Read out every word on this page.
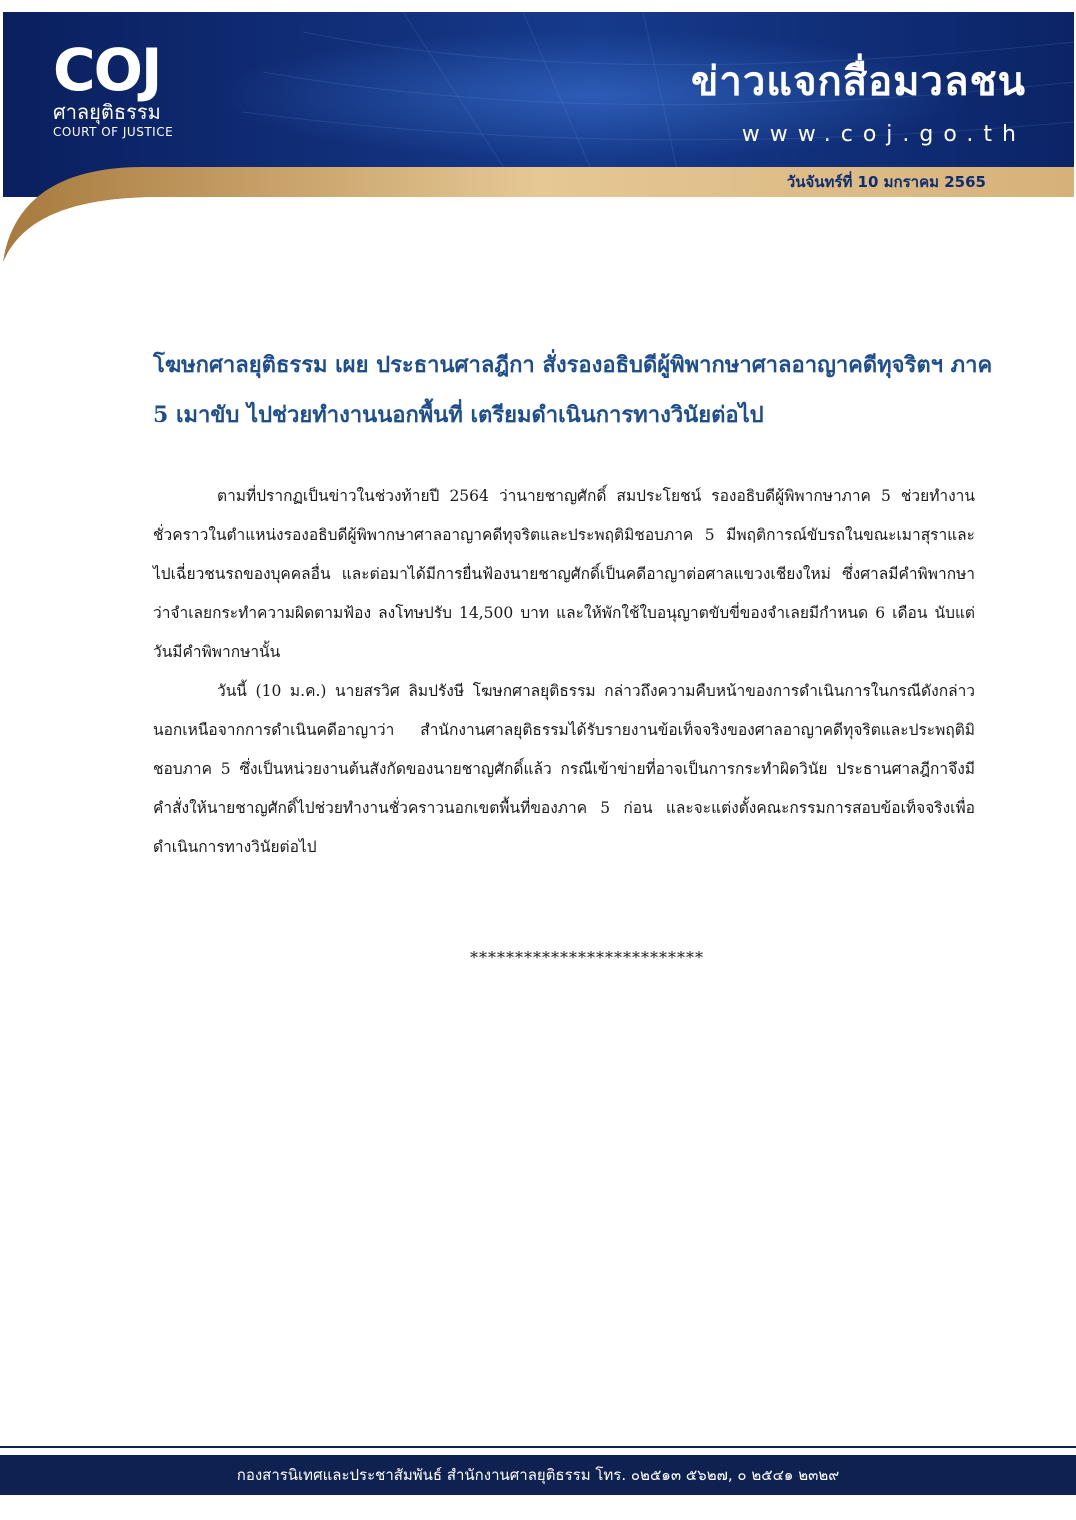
COJ
ศาลยุติธรรม
COURT OF JUSTICE
ข่าวแจกสื่อมวลชน
www.coj.go.th
วันจันทร์ที่ 10 มกราคม 2565
โฆษกศาลยุติธรรม เผย ประธานศาลฎีกา สั่งรองอธิบดีผู้พิพากษาศาลอาญาคดีทุจริตฯ ภาค 5 เมาขับ ไปช่วยทำงานนอกพื้นที่ เตรียมดำเนินการทางวินัยต่อไป

ตามที่ปรากฏเป็นข่าวในช่วงท้ายปี 2564 ว่านายชาญศักดิ์ สมประโยชน์ รองอธิบดีผู้พิพากษาภาค 5 ช่วยทำงานชั่วคราวในตำแหน่งรองอธิบดีผู้พิพากษาศาลอาญาคดีทุจริตและประพฤติมิชอบภาค 5 มีพฤติการณ์ขับรถในขณะเมาสุราและไปเฉี่ยวชนรถของบุคคลอื่น และต่อมาได้มีการยื่นฟ้องนายชาญศักดิ์เป็นคดีอาญาต่อศาลแขวงเชียงใหม่ ซึ่งศาลมีคำพิพากษาว่าจำเลยกระทำความผิดตามฟ้อง ลงโทษปรับ 14,500 บาท และให้พักใช้ใบอนุญาตขับขี่ของจำเลยมีกำหนด 6 เดือน นับแต่วันมีคำพิพากษานั้น

วันนี้ (10 ม.ค.) นายสรวิศ ลิมปรังษี โฆษกศาลยุติธรรม กล่าวถึงความคืบหน้าของการดำเนินการในกรณีดังกล่าวนอกเหนือจากการดำเนินคดีอาญาว่า สำนักงานศาลยุติธรรมได้รับรายงานข้อเท็จจริงของศาลอาญาคดีทุจริตและประพฤติมิชอบภาค 5 ซึ่งเป็นหน่วยงานต้นสังกัดของนายชาญศักดิ์แล้ว กรณีเข้าข่ายที่อาจเป็นการกระทำผิดวินัย ประธานศาลฎีกาจึงมีคำสั่งให้นายชาญศักดิ์ไปช่วยทำงานชั่วคราวนอกเขตพื้นที่ของภาค 5 ก่อน และจะแต่งตั้งคณะกรรมการสอบข้อเท็จจริงเพื่อดำเนินการทางวินัยต่อไป

**************************
กองสารนิเทศและประชาสัมพันธ์ สำนักงานศาลยุติธรรม โทร. ๐๒๕๑๓ ๕๖๒๗, ๐ ๒๕๔๑ ๒๓๒๙
